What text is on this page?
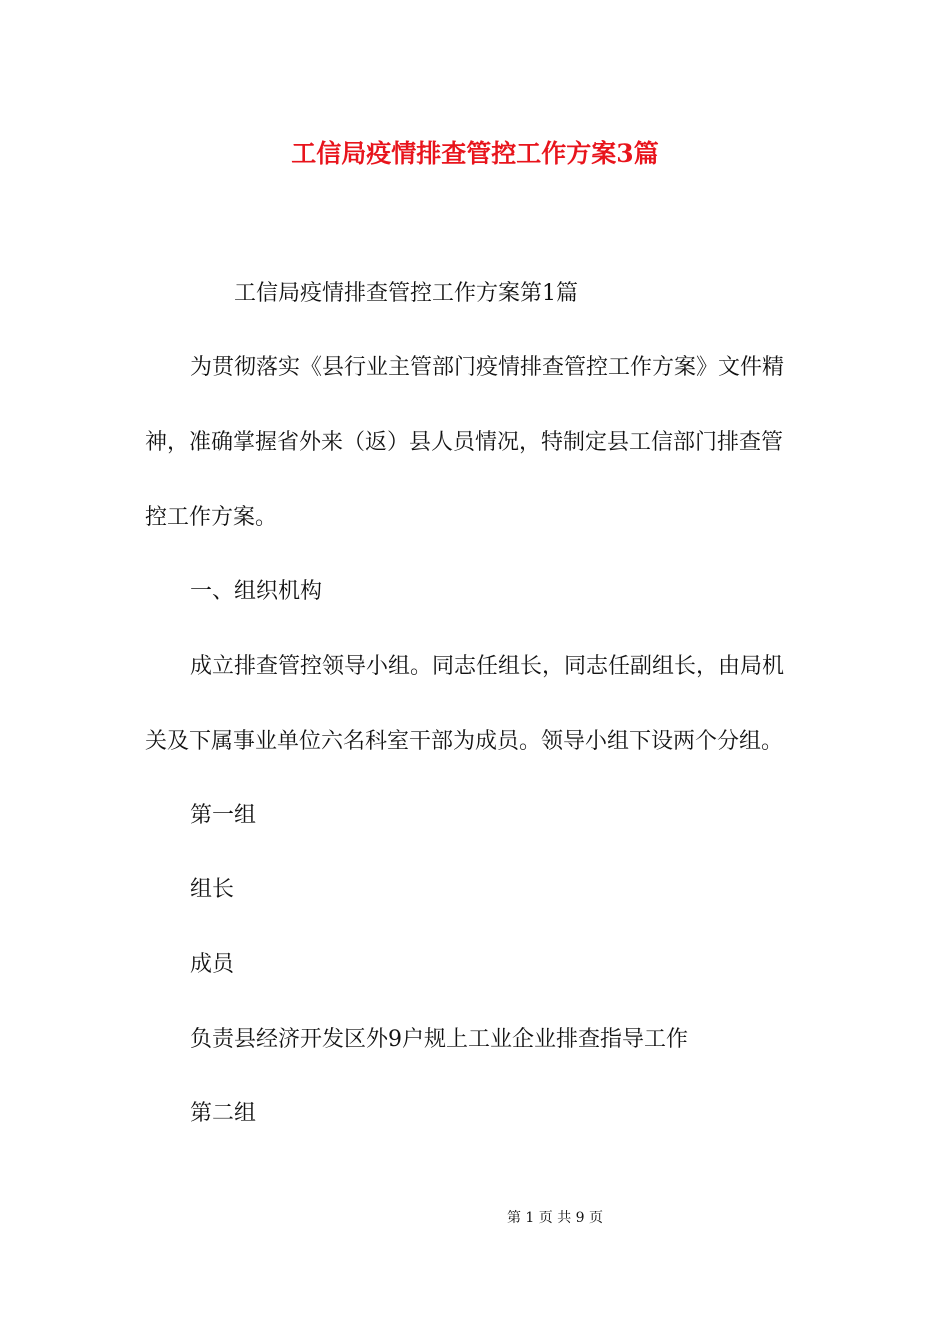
工信局疫情排查管控工作方案3篇
工信局疫情排查管控工作方案第1篇
为贯彻落实《县行业主管部门疫情排查管控工作方案》文件精
神，准确掌握省外来（返）县人员情况，特制定县工信部门排查管
控工作方案。
一、组织机构
成立排查管控领导小组。同志任组长，同志任副组长，由局机
关及下属事业单位六名科室干部为成员。领导小组下设两个分组。
第一组
组长
成员
负责县经济开发区外9户规上工业企业排查指导工作
第二组
第 1 页 共 9 页
